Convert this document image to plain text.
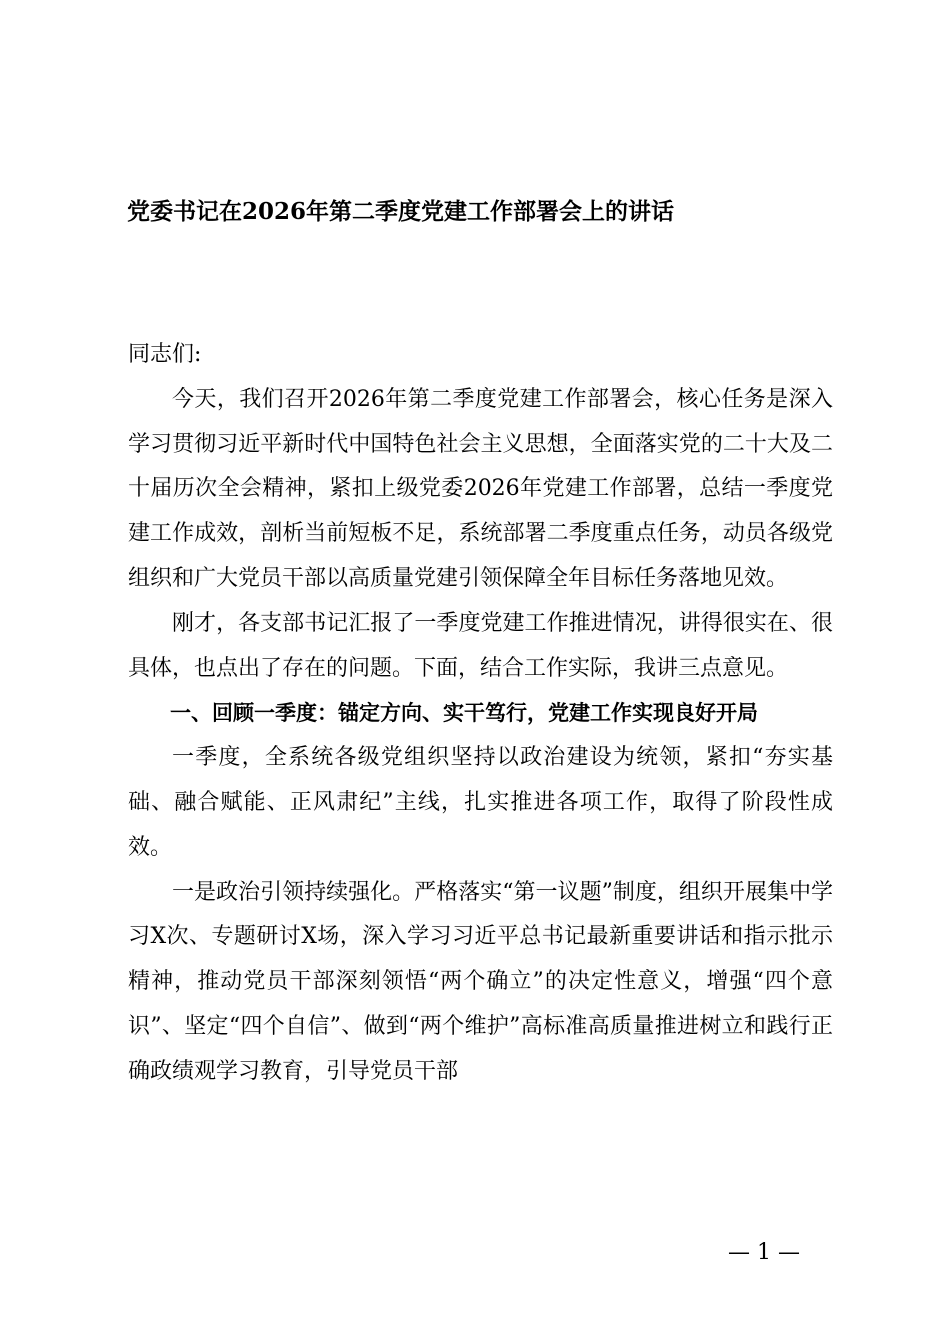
党委书记在2026年第二季度党建工作部署会上的讲话

同志们:

今天，我们召开2026年第二季度党建工作部署会，核心任务是深入学习贯彻习近平新时代中国特色社会主义思想，全面落实党的二十大及二十届历次全会精神，紧扣上级党委2026年党建工作部署，总结一季度党建工作成效，剖析当前短板不足，系统部署二季度重点任务，动员各级党组织和广大党员干部以高质量党建引领保障全年目标任务落地见效。

刚才，各支部书记汇报了一季度党建工作推进情况，讲得很实在、很具体，也点出了存在的问题。下面，结合工作实际，我讲三点意见。

一、回顾一季度：锚定方向、实干笃行，党建工作实现良好开局

一季度，全系统各级党组织坚持以政治建设为统领，紧扣“夯实基础、融合赋能、正风肃纪”主线，扎实推进各项工作，取得了阶段性成效。

一是政治引领持续强化。严格落实“第一议题”制度，组织开展集中学习X次、专题研讨X场，深入学习习近平总书记最新重要讲话和指示批示精神，推动党员干部深刻领悟“两个确立”的决定性意义，增强“四个意识”、坚定“四个自信”、做到“两个维护”高标准高质量推进树立和践行正确政绩观学习教育，引导党员干部

— 1 —
